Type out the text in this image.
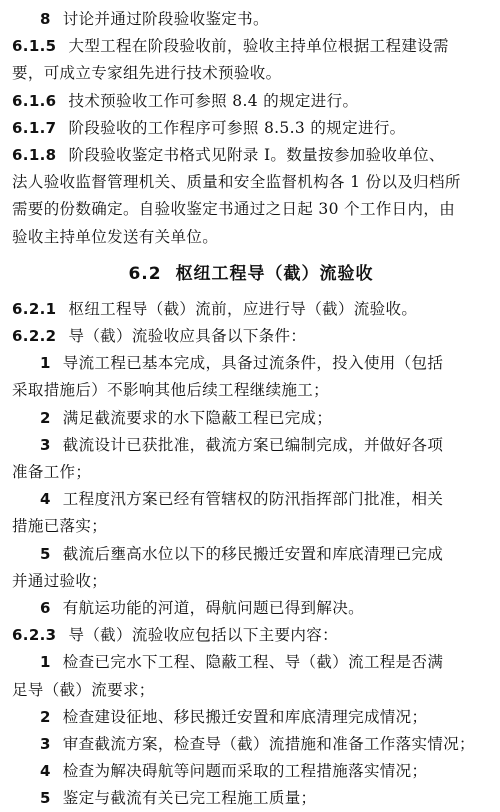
8 讨论并通过阶段验收鉴定书。
6.1.5 大型工程在阶段验收前，验收主持单位根据工程建设需
要，可成立专家组先进行技术预验收。
6.1.6 技术预验收工作可参照 8.4 的规定进行。
6.1.7 阶段验收的工作程序可参照 8.5.3 的规定进行。
6.1.8 阶段验收鉴定书格式见附录 I。数量按参加验收单位、
法人验收监督管理机关、质量和安全监督机构各 1 份以及归档所
需要的份数确定。自验收鉴定书通过之日起 30 个工作日内，由
验收主持单位发送有关单位。
6.2 枢纽工程导（截）流验收
6.2.1 枢纽工程导（截）流前，应进行导（截）流验收。
6.2.2 导（截）流验收应具备以下条件：
1 导流工程已基本完成，具备过流条件，投入使用（包括
采取措施后）不影响其他后续工程继续施工；
2 满足截流要求的水下隐蔽工程已完成；
3 截流设计已获批准，截流方案已编制完成，并做好各项
准备工作；
4 工程度汛方案已经有管辖权的防汛指挥部门批准，相关
措施已落实；
5 截流后壅高水位以下的移民搬迁安置和库底清理已完成
并通过验收；
6 有航运功能的河道，碍航问题已得到解决。
6.2.3 导（截）流验收应包括以下主要内容：
1 检查已完水下工程、隐蔽工程、导（截）流工程是否满
足导（截）流要求；
2 检查建设征地、移民搬迁安置和库底清理完成情况；
3 审查截流方案，检查导（截）流措施和准备工作落实情况；
4 检查为解决碍航等问题而采取的工程措施落实情况；
5 鉴定与截流有关已完工程施工质量；
